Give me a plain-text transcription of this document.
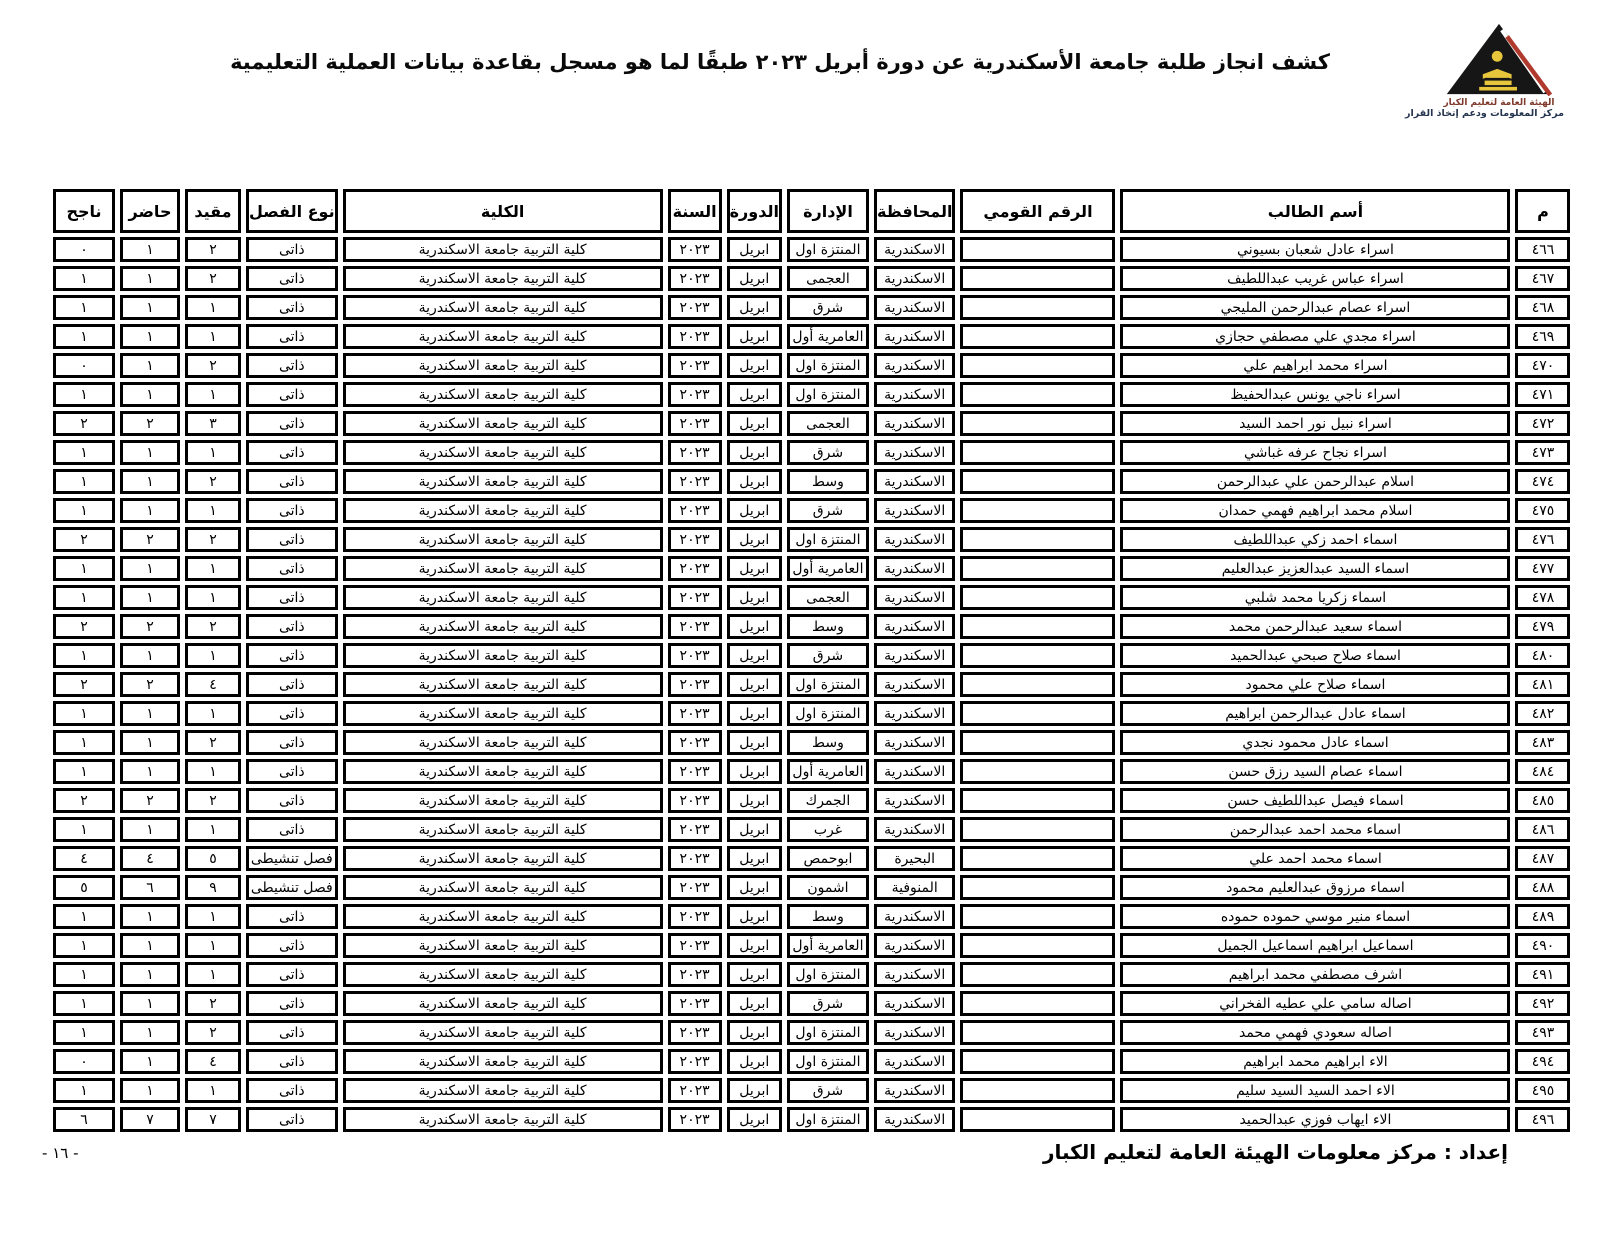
كشف انجاز طلبة جامعة الأسكندرية عن دورة أبريل ٢٠٢٣ طبقًا لما هو مسجل بقاعدة بيانات العملية التعليمية
الهيئة العامة لتعليم الكبار
مركز المعلومات ودعم إتخاذ القرار
م	أسم الطالب	الرقم القومي	المحافظة	الإدارة	الدورة	السنة	الكلية	نوع الفصل	مقيد	حاضر	ناجح
٤٦٦	اسراء عادل شعبان بسيوني		الاسكندرية	المنتزة اول	ابريل	٢٠٢٣	كلية التربية جامعة الاسكندرية	ذاتى	٢	١	٠
٤٦٧	اسراء عباس غريب عبداللطيف		الاسكندرية	العجمى	ابريل	٢٠٢٣	كلية التربية جامعة الاسكندرية	ذاتى	٢	١	١
٤٦٨	اسراء عصام عبدالرحمن المليجي		الاسكندرية	شرق	ابريل	٢٠٢٣	كلية التربية جامعة الاسكندرية	ذاتى	١	١	١
٤٦٩	اسراء مجدي علي مصطفي حجازي		الاسكندرية	العامرية أول	ابريل	٢٠٢٣	كلية التربية جامعة الاسكندرية	ذاتى	١	١	١
٤٧٠	اسراء محمد ابراهيم علي		الاسكندرية	المنتزة اول	ابريل	٢٠٢٣	كلية التربية جامعة الاسكندرية	ذاتى	٢	١	٠
٤٧١	اسراء ناجي يونس عبدالحفيظ		الاسكندرية	المنتزة اول	ابريل	٢٠٢٣	كلية التربية جامعة الاسكندرية	ذاتى	١	١	١
٤٧٢	اسراء نبيل نور احمد السيد		الاسكندرية	العجمى	ابريل	٢٠٢٣	كلية التربية جامعة الاسكندرية	ذاتى	٣	٢	٢
٤٧٣	اسراء نجاح عرفه غباشي		الاسكندرية	شرق	ابريل	٢٠٢٣	كلية التربية جامعة الاسكندرية	ذاتى	١	١	١
٤٧٤	اسلام عبدالرحمن علي عبدالرحمن		الاسكندرية	وسط	ابريل	٢٠٢٣	كلية التربية جامعة الاسكندرية	ذاتى	٢	١	١
٤٧٥	اسلام محمد ابراهيم فهمي حمدان		الاسكندرية	شرق	ابريل	٢٠٢٣	كلية التربية جامعة الاسكندرية	ذاتى	١	١	١
٤٧٦	اسماء احمد زكي عبداللطيف		الاسكندرية	المنتزة اول	ابريل	٢٠٢٣	كلية التربية جامعة الاسكندرية	ذاتى	٢	٢	٢
٤٧٧	اسماء السيد عبدالعزيز عبدالعليم		الاسكندرية	العامرية أول	ابريل	٢٠٢٣	كلية التربية جامعة الاسكندرية	ذاتى	١	١	١
٤٧٨	اسماء زكريا محمد شلبي		الاسكندرية	العجمى	ابريل	٢٠٢٣	كلية التربية جامعة الاسكندرية	ذاتى	١	١	١
٤٧٩	اسماء سعيد عبدالرحمن محمد		الاسكندرية	وسط	ابريل	٢٠٢٣	كلية التربية جامعة الاسكندرية	ذاتى	٢	٢	٢
٤٨٠	اسماء صلاح صبحي عبدالحميد		الاسكندرية	شرق	ابريل	٢٠٢٣	كلية التربية جامعة الاسكندرية	ذاتى	١	١	١
٤٨١	اسماء صلاح علي محمود		الاسكندرية	المنتزة اول	ابريل	٢٠٢٣	كلية التربية جامعة الاسكندرية	ذاتى	٤	٢	٢
٤٨٢	اسماء عادل عبدالرحمن ابراهيم		الاسكندرية	المنتزة اول	ابريل	٢٠٢٣	كلية التربية جامعة الاسكندرية	ذاتى	١	١	١
٤٨٣	اسماء عادل محمود نجدي		الاسكندرية	وسط	ابريل	٢٠٢٣	كلية التربية جامعة الاسكندرية	ذاتى	٢	١	١
٤٨٤	اسماء عصام السيد رزق حسن		الاسكندرية	العامرية أول	ابريل	٢٠٢٣	كلية التربية جامعة الاسكندرية	ذاتى	١	١	١
٤٨٥	اسماء فيصل عبداللطيف حسن		الاسكندرية	الجمرك	ابريل	٢٠٢٣	كلية التربية جامعة الاسكندرية	ذاتى	٢	٢	٢
٤٨٦	اسماء محمد احمد عبدالرحمن		الاسكندرية	غرب	ابريل	٢٠٢٣	كلية التربية جامعة الاسكندرية	ذاتى	١	١	١
٤٨٧	اسماء محمد احمد علي		البحيرة	ابوحمص	ابريل	٢٠٢٣	كلية التربية جامعة الاسكندرية	فصل تنشيطى	٥	٤	٤
٤٨٨	اسماء مرزوق عبدالعليم محمود		المنوفية	اشمون	ابريل	٢٠٢٣	كلية التربية جامعة الاسكندرية	فصل تنشيطى	٩	٦	٥
٤٨٩	اسماء منير موسي حموده حموده		الاسكندرية	وسط	ابريل	٢٠٢٣	كلية التربية جامعة الاسكندرية	ذاتى	١	١	١
٤٩٠	اسماعيل ابراهيم اسماعيل الجميل		الاسكندرية	العامرية أول	ابريل	٢٠٢٣	كلية التربية جامعة الاسكندرية	ذاتى	١	١	١
٤٩١	اشرف مصطفي محمد ابراهيم		الاسكندرية	المنتزة اول	ابريل	٢٠٢٣	كلية التربية جامعة الاسكندرية	ذاتى	١	١	١
٤٩٢	اصاله سامي علي عطيه الفخراني		الاسكندرية	شرق	ابريل	٢٠٢٣	كلية التربية جامعة الاسكندرية	ذاتى	٢	١	١
٤٩٣	اصاله سعودي فهمي محمد		الاسكندرية	المنتزة اول	ابريل	٢٠٢٣	كلية التربية جامعة الاسكندرية	ذاتى	٢	١	١
٤٩٤	الاء ابراهيم محمد ابراهيم		الاسكندرية	المنتزة اول	ابريل	٢٠٢٣	كلية التربية جامعة الاسكندرية	ذاتى	٤	١	٠
٤٩٥	الاء احمد السيد السيد سليم		الاسكندرية	شرق	ابريل	٢٠٢٣	كلية التربية جامعة الاسكندرية	ذاتى	١	١	١
٤٩٦	الاء ايهاب فوزي عبدالحميد		الاسكندرية	المنتزة اول	ابريل	٢٠٢٣	كلية التربية جامعة الاسكندرية	ذاتى	٧	٧	٦
إعداد : مركز معلومات الهيئة العامة لتعليم الكبار
- ١٦ -
